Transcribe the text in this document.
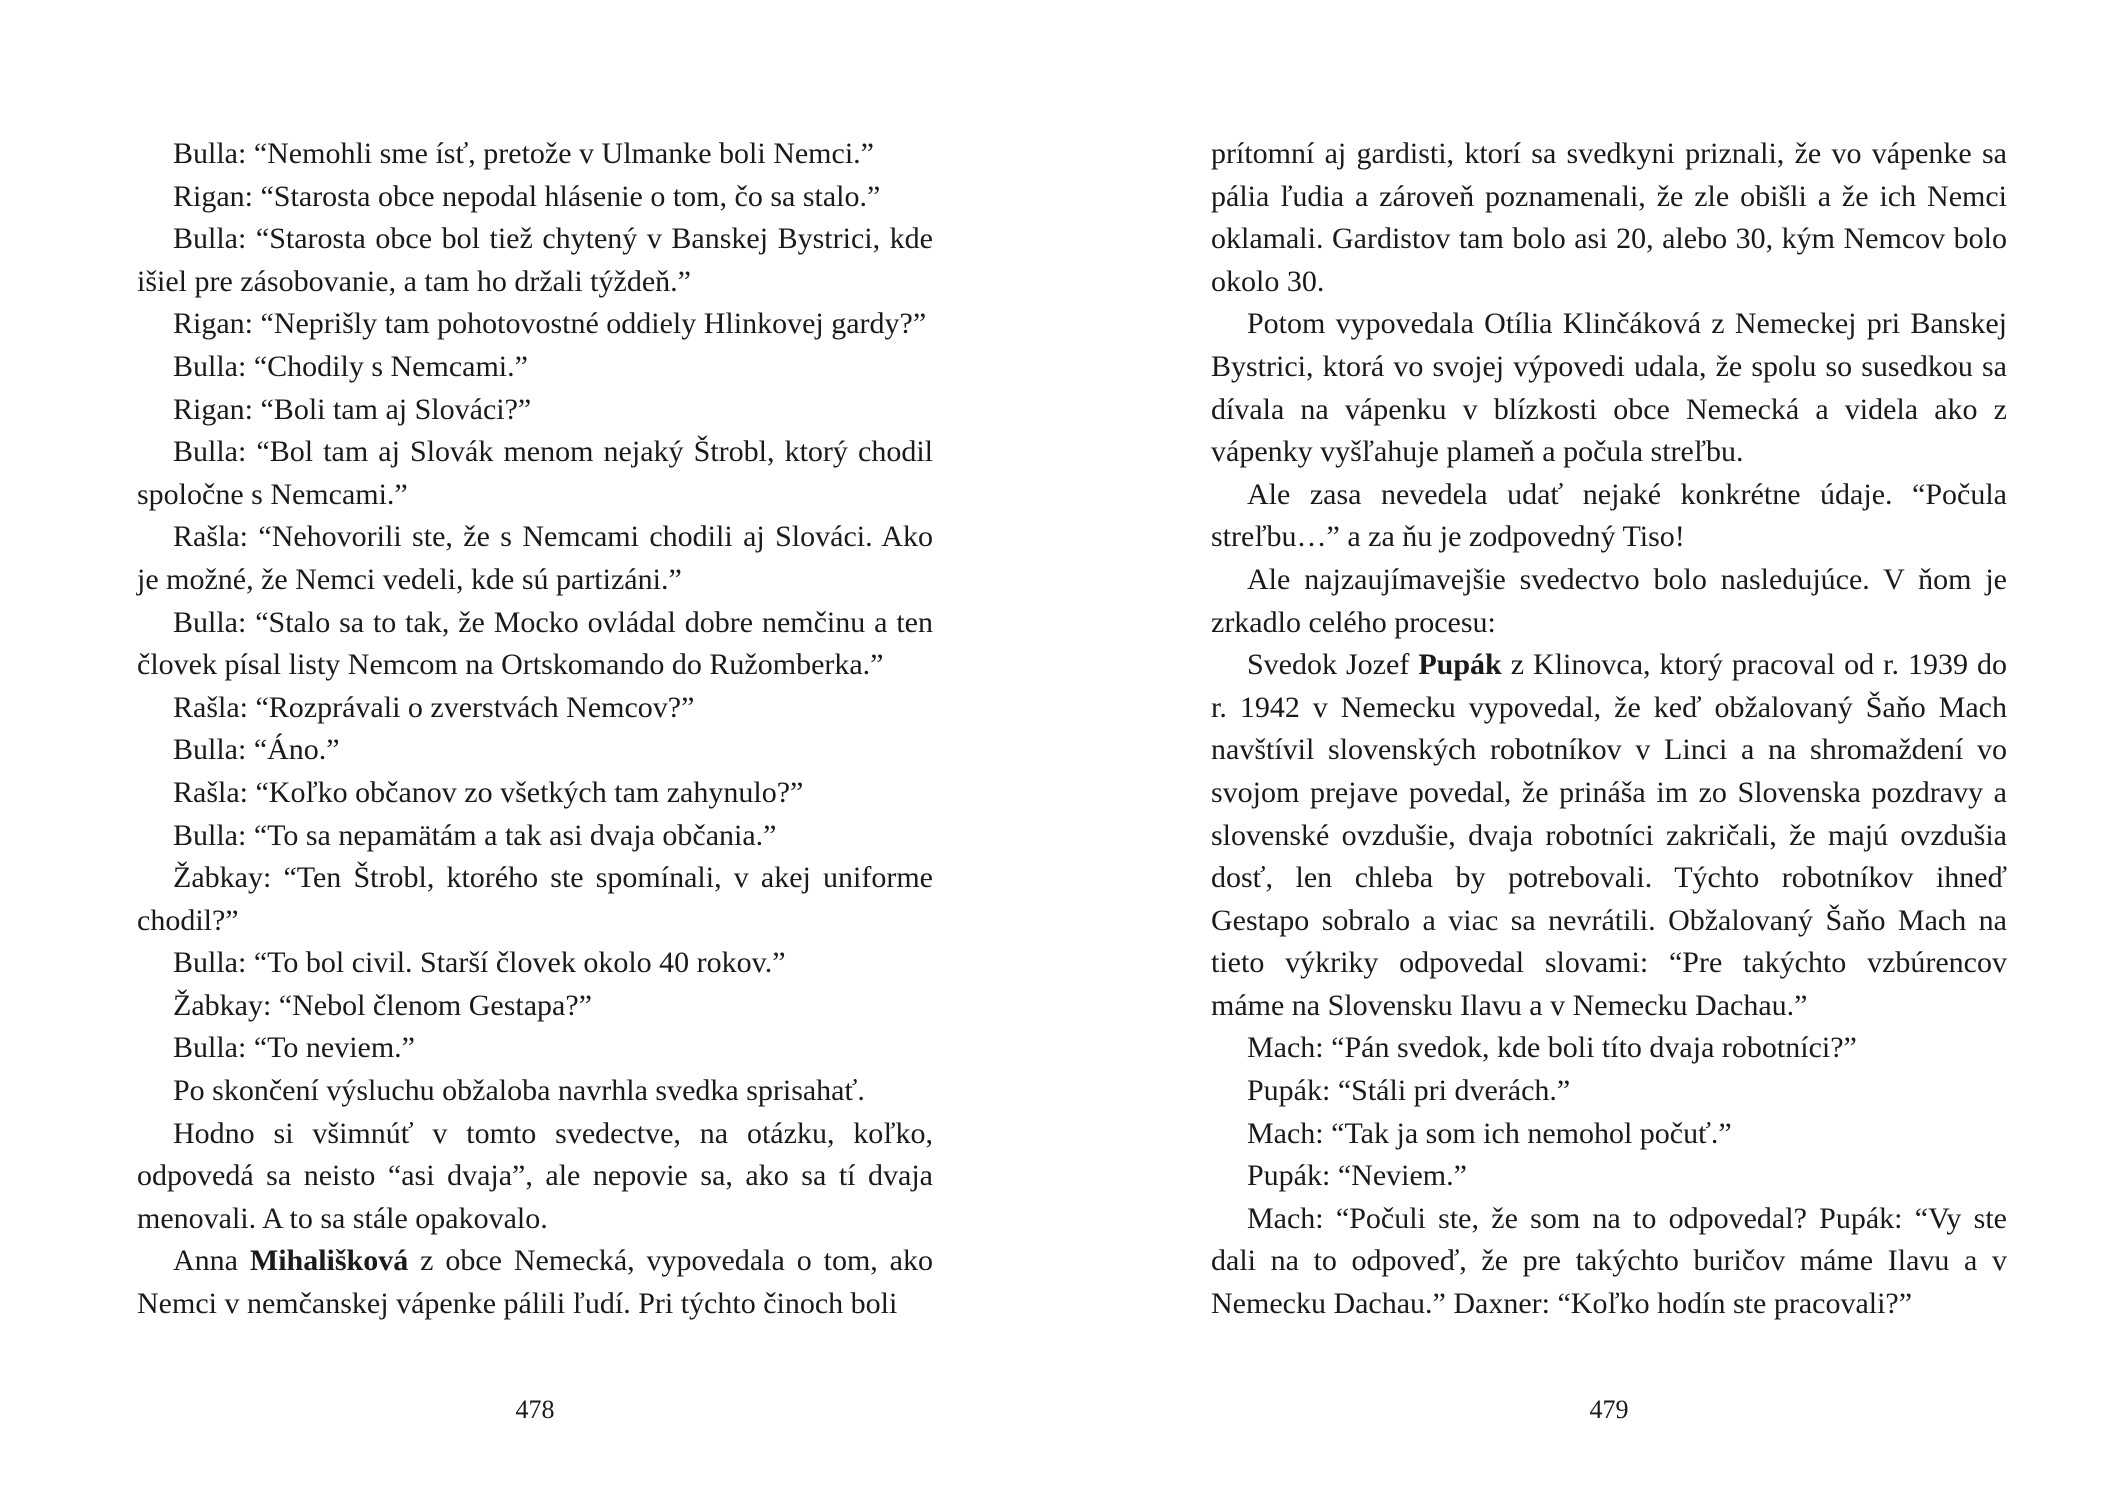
Bulla: “Nemohli sme ísť, pretože v Ulmanke boli Nemci.”

Rigan: “Starosta obce nepodal hlásenie o tom, čo sa stalo.”

Bulla: “Starosta obce bol tiež chytený v Banskej Bystrici, kde išiel pre zásobovanie, a tam ho držali týždeň.”

Rigan: “Neprišly tam pohotovostné oddiely Hlinkovej gardy?”

Bulla: “Chodily s Nemcami.”

Rigan: “Boli tam aj Slováci?”

Bulla: “Bol tam aj Slovák menom nejaký Štrobl, ktorý chodil spoločne s Nemcami.”

Rašla: “Nehovorili ste, že s Nemcami chodili aj Slováci. Ako je možné, že Nemci vedeli, kde sú partizáni.”

Bulla: “Stalo sa to tak, že Mocko ovládal dobre nemčinu a ten človek písal listy Nemcom na Ortskomando do Ružomberka.”

Rašla: “Rozprávali o zverstvách Nemcov?”

Bulla: “Áno.”

Rašla: “Koľko občanov zo všetkých tam zahynulo?”

Bulla: “To sa nepamätám a tak asi dvaja občania.”

Žabkay: “Ten Štrobl, ktorého ste spomínali, v akej uniforme chodil?”

Bulla: “To bol civil. Starší človek okolo 40 rokov.”

Žabkay: “Nebol členom Gestapa?”

Bulla: “To neviem.”

Po skončení výsluchu obžaloba navrhla svedka sprisahať.

Hodno si všimnúť v tomto svedectve, na otázku, koľko, odpovedá sa neisto “asi dvaja”, ale nepovie sa, ako sa tí dvaja menovali. A to sa stále opakovalo.

Anna Mihališková z obce Nemecká, vypovedala o tom, ako Nemci v nemčanskej vápenke pálili ľudí. Pri týchto činoch boli

478

prítomní aj gardisti, ktorí sa svedkyni priznali, že vo vápenke sa pália ľudia a zároveň poznamenali, že zle obišli a že ich Nemci oklamali. Gardistov tam bolo asi 20, alebo 30, kým Nemcov bolo okolo 30.

Potom vypovedala Otília Klinčáková z Nemeckej pri Banskej Bystrici, ktorá vo svojej výpovedi udala, že spolu so susedkou sa dívala na vápenku v blízkosti obce Nemecká a videla ako z vápenky vyšľahuje plameň a počula streľbu.

Ale zasa nevedela udať nejaké konkrétne údaje. “Počula streľbu…” a za ňu je zodpovedný Tiso!

Ale najzaujímavejšie svedectvo bolo nasledujúce. V ňom je zrkadlo celého procesu:

Svedok Jozef Pupák z Klinovca, ktorý pracoval od r. 1939 do r. 1942 v Nemecku vypovedal, že keď obžalovaný Šaňo Mach navštívil slovenských robotníkov v Linci a na shromaždení vo svojom prejave povedal, že prináša im zo Slovenska pozdravy a slovenské ovzdušie, dvaja robotníci zakričali, že majú ovzdušia dosť, len chleba by potrebovali. Týchto robotníkov ihneď Gestapo sobralo a viac sa nevrátili. Obžalovaný Šaňo Mach na tieto výkriky odpovedal slovami: “Pre takýchto vzbúrencov máme na Slovensku Ilavu a v Nemecku Dachau.”

Mach: “Pán svedok, kde boli títo dvaja robotníci?”

Pupák: “Stáli pri dverách.”

Mach: “Tak ja som ich nemohol počuť.”

Pupák: “Neviem.”

Mach: “Počuli ste, že som na to odpovedal? Pupák: “Vy ste dali na to odpoveď, že pre takýchto buričov máme Ilavu a v Nemecku Dachau.” Daxner: “Koľko hodín ste pracovali?”

479
